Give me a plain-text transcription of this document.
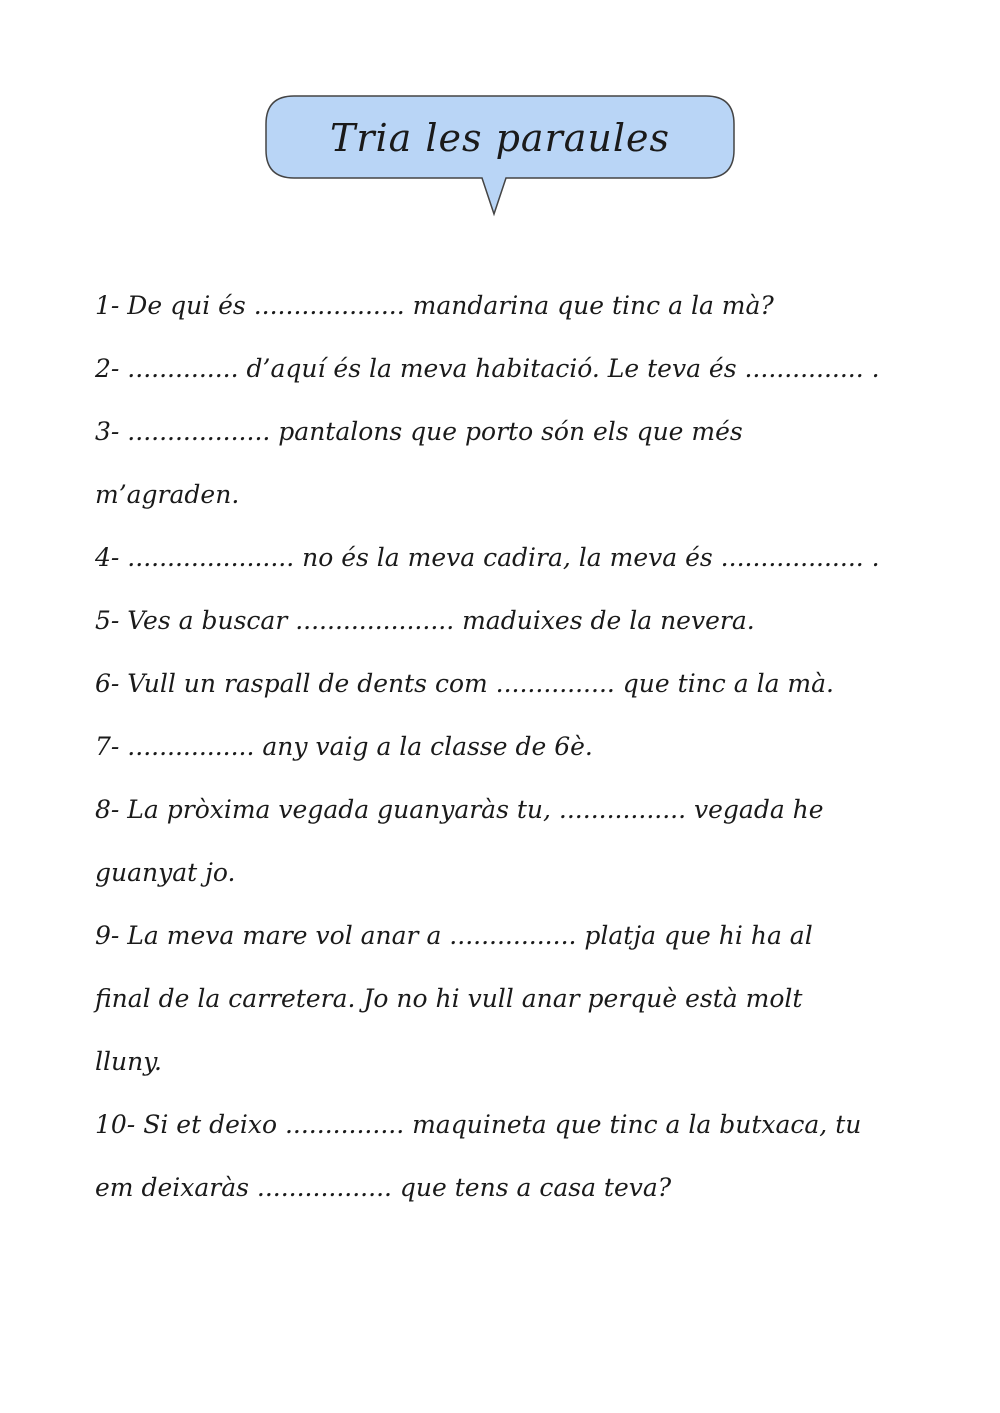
Tria les paraules
1- De qui és ................... mandarina que tinc a la mà?
2- .............. d’aquí és la meva habitació. Le teva és ............... .
3- .................. pantalons que porto són els que més
m’agraden.
4- ..................... no és la meva cadira, la meva és .................. .
5- Ves a buscar .................... maduixes de la nevera.
6- Vull un raspall de dents com ............... que tinc a la mà.
7- ................ any vaig a la classe de 6è.
8- La pròxima vegada guanyaràs tu, ................ vegada he
guanyat jo.
9- La meva mare vol anar a ................ platja que hi ha al
final de la carretera. Jo no hi vull anar perquè està molt
lluny.
10- Si et deixo ............... maquineta que tinc a la butxaca, tu
em deixaràs ................. que tens a casa teva?
